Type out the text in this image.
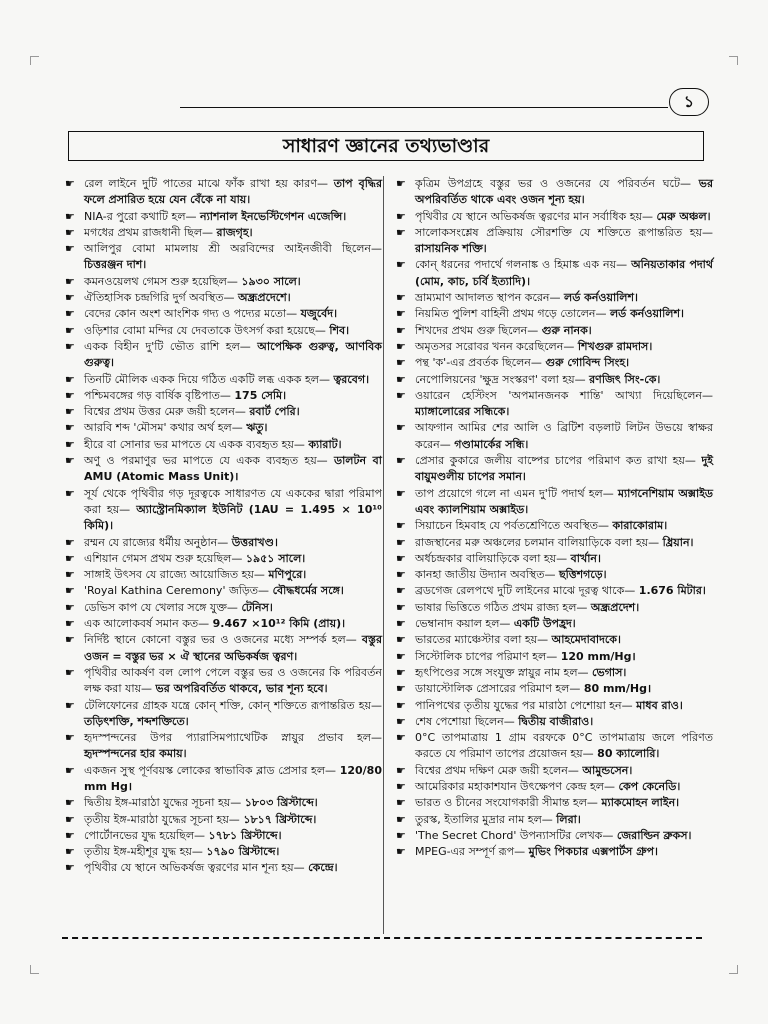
১
সাধারণ জ্ঞানের তথ্যভাণ্ডার
☛ রেল লাইনে দুটি পাতের মাঝে ফাঁক রাখা হয় কারণ— তাপ বৃদ্ধির ফলে প্রসারিত হয়ে যেন বেঁকে না যায়।
☛ NIA-র পুরো কথাটি হল— ন্যাশনাল ইনভেস্টিগেশন এজেন্সি।
☛ মগধের প্রথম রাজধানী ছিল— রাজগৃহ।
☛ আলিপুর বোমা মামলায় শ্রী অরবিন্দের আইনজীবী ছিলেন— চিত্তরঞ্জন দাশ।
☛ কমনওয়েলথ গেমস শুরু হয়েছিল— ১৯৩০ সালে।
☛ ঐতিহাসিক চন্দ্রগিরি দুর্গ অবস্থিত— অন্ধ্রপ্রদেশে।
☛ বেদের কোন অংশ আংশিক গদ্য ও পদ্যের মতো— যজুর্বেদ।
☛ ওড়িশার বোমা মন্দির যে দেবতাকে উৎসর্গ করা হয়েছে— শিব।
☛ একক বিহীন দু'টি ভৌত রাশি হল— আপেক্ষিক গুরুত্ব, আণবিক গুরুত্ব।
☛ তিনটি মৌলিক একক দিয়ে গঠিত একটি লব্ধ একক হল— ত্বরবেগ।
☛ পশ্চিমবঙ্গের গড় বার্ষিক বৃষ্টিপাত— 175 সেমি।
☛ বিশ্বের প্রথম উত্তর মেরু জয়ী হলেন— রবার্ট পেরি।
☛ আরবি শব্দ 'মৌসম' কথার অর্থ হল— ঋতু।
☛ হীরে বা সোনার ভর মাপতে যে একক ব্যবহৃত হয়— ক্যারাট।
☛ অণু ও পরমাণুর ভর মাপতে যে একক ব্যবহৃত হয়— ডালটন বা AMU (Atomic Mass Unit)।
☛ সূর্য থেকে পৃথিবীর গড় দূরত্বকে সাধারণত যে এককের দ্বারা পরিমাপ করা হয়— অ্যাস্ট্রোনমিক্যাল ইউনিট (1AU = 1.495 × 10¹⁰ কিমি)।
☛ রম্মন যে রাজ্যের ধর্মীয় অনুষ্ঠান— উত্তরাখণ্ড।
☛ এশিয়ান গেমস প্রথম শুরু হয়েছিল— ১৯৫১ সালে।
☛ সাঙ্গাই উৎসব যে রাজ্যে আয়োজিত হয়— মণিপুরে।
☛ 'Royal Kathina Ceremony' জড়িত— বৌদ্ধধর্মের সঙ্গে।
☛ ডেভিস কাপ যে খেলার সঙ্গে যুক্ত— টেনিস।
☛ এক আলোকবর্ষ সমান কত— 9.467 ×10¹² কিমি (প্রায়)।
☛ নির্দিষ্ট স্থানে কোনো বস্তুর ভর ও ওজনের মধ্যে সম্পর্ক হল— বস্তুর ওজন = বস্তুর ভর × ঐ স্থানের অভিকর্ষজ ত্বরণ।
☛ পৃথিবীর আকর্ষণ বল লোপ পেলে বস্তুর ভর ও ওজনের কি পরিবর্তন লক্ষ করা যায়— ভর অপরিবর্তিত থাকবে, ভার শূন্য হবে।
☛ টেলিফোনের গ্রাহক যন্ত্রে কোন্ শক্তি, কোন্ শক্তিতে রূপান্তরিত হয়— তড়িৎশক্তি, শব্দশক্তিতে।
☛ হৃদস্পন্দনের উপর প্যারাসিমপ্যাথেটিক স্নায়ুর প্রভাব হল— হৃদস্পন্দনের হার কমায়।
☛ একজন সুস্থ পূর্ণবয়স্ক লোকের স্বাভাবিক ব্লাড প্রেসার হল— 120/80 mm Hg।
☛ দ্বিতীয় ইঙ্গ-মারাঠা যুদ্ধের সূচনা হয়— ১৮০৩ খ্রিস্টাব্দে।
☛ তৃতীয় ইঙ্গ-মারাঠা যুদ্ধের সূচনা হয়— ১৮১৭ খ্রিস্টাব্দে।
☛ পোর্টোনভের যুদ্ধ হয়েছিল— ১৭৮১ খ্রিস্টাব্দে।
☛ তৃতীয় ইঙ্গ-মহীশূর যুদ্ধ হয়— ১৭৯০ খ্রিস্টাব্দে।
☛ পৃথিবীর যে স্থানে অভিকর্ষজ ত্বরণের মান শূন্য হয়— কেন্দ্রে।
☛ কৃত্রিম উপগ্রহে বস্তুর ভর ও ওজনের যে পরিবর্তন ঘটে— ভর অপরিবর্তিত থাকে এবং ওজন শূন্য হয়।
☛ পৃথিবীর যে স্থানে অভিকর্ষজ ত্বরণের মান সর্বাধিক হয়— মেরু অঞ্চল।
☛ সালোকসংশ্লেষ প্রক্রিয়ায় সৌরশক্তি যে শক্তিতে রূপান্তরিত হয়— রাসায়নিক শক্তি।
☛ কোন্ ধরনের পদার্থে গলনাঙ্ক ও হিমাঙ্ক এক নয়— অনিয়তাকার পদার্থ (মোম, কাচ, চর্বি ইত্যাদি)।
☛ ভ্রাম্যমাণ আদালত স্থাপন করেন— লর্ড কর্নওয়ালিশ।
☛ নিয়মিত পুলিশ বাহিনী প্রথম গড়ে তোলেন— লর্ড কর্নওয়ালিশ।
☛ শিখদের প্রথম গুরু ছিলেন— গুরু নানক।
☛ অমৃতসর সরোবর খনন করেছিলেন— শিখগুরু রামদাস।
☛ পন্থ 'ক'-এর প্রবর্তক ছিলেন— গুরু গোবিন্দ সিংহ।
☛ নেপোলিয়নের 'ক্ষুদ্র সংস্করণ' বলা হয়— রণজিৎ সিং-কে।
☛ ওয়ারেন হেস্টিংস 'অপমানজনক শান্তি' আখ্যা দিয়েছিলেন— ম্যাঙ্গালোরের সন্ধিকে।
☛ আফগান আমির শের আলি ও ব্রিটিশ বড়লাট লিটন উভয়ে স্বাক্ষর করেন— গণ্ডামার্কের সন্ধি।
☛ প্রেসার কুকারে জলীয় বাষ্পের চাপের পরিমাণ কত রাখা হয়— দুই বায়ুমণ্ডলীয় চাপের সমান।
☛ তাপ প্রয়োগে গলে না এমন দু'টি পদার্থ হল— ম্যাগনেশিয়াম অক্সাইড এবং ক্যালশিয়াম অক্সাইড।
☛ সিয়াচেন হিমবাহ যে পর্বতশ্রেণিতে অবস্থিত— কারাকোরাম।
☛ রাজস্থানের মরু অঞ্চলের চলমান বালিয়াড়িকে বলা হয়— ধ্রিয়ান।
☛ অর্ধচন্দ্রকার বালিয়াড়িকে বলা হয়— বার্খান।
☛ কানহা জাতীয় উদ্যান অবস্থিত— ছত্তিশগড়ে।
☛ ব্রডগেজ রেলপথে দুটি লাইনের মাঝে দূরত্ব থাকে— 1.676 মিটার।
☛ ভাষার ভিত্তিতে গঠিত প্রথম রাজ্য হল— অন্ধ্রপ্রদেশ।
☛ ভেম্বানাদ কয়াল হল— একটি উপহ্রদ।
☛ ভারতের ম্যাঞ্চেস্টার বলা হয়— আহমেদাবাদকে।
☛ সিস্টোলিক চাপের পরিমাণ হল— 120 mm/Hg।
☛ হৃৎপিণ্ডের সঙ্গে সংযুক্ত স্নায়ুর নাম হল— ভেগাস।
☛ ডায়াস্টোলিক প্রেসারের পরিমাণ হল— 80 mm/Hg।
☛ পানিপথের তৃতীয় যুদ্ধের পর মারাঠা পেশোয়া হন— মাধব রাও।
☛ শেষ পেশোয়া ছিলেন— দ্বিতীয় বাজীরাও।
☛ 0°C তাপমাত্রায় 1 গ্রাম বরফকে 0°C তাপমাত্রায় জলে পরিণত করতে যে পরিমাণ তাপের প্রয়োজন হয়— 80 ক্যালোরি।
☛ বিশ্বের প্রথম দক্ষিণ মেরু জয়ী হলেন— আমুন্ডসেন।
☛ আমেরিকার মহাকাশযান উৎক্ষেপণ কেন্দ্র হল— কেপ কেনেডি।
☛ ভারত ও চীনের সংযোগকারী সীমান্ত হল— ম্যাকমোহন লাইন।
☛ তুরস্ক, ইতালির মুদ্রার নাম হল— লিরা।
☛ 'The Secret Chord' উপন্যাসটির লেখক— জেরাল্ডিন ব্রুকস।
☛ MPEG-এর সম্পূর্ণ রূপ— মুভিং পিকচার এক্সপার্টস গ্রুপ।
